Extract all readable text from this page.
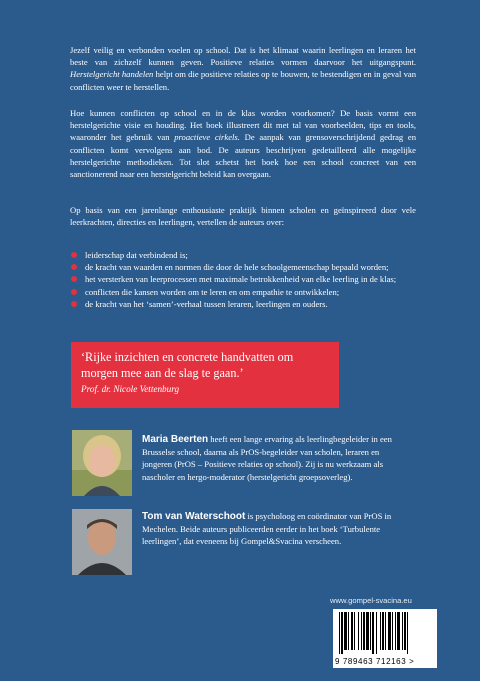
Jezelf veilig en verbonden voelen op school. Dat is het klimaat waarin leerlingen en leraren het beste van zichzelf kunnen geven. Positieve relaties vormen daarvoor het uitgangspunt. Herstelgericht handelen helpt om die positieve relaties op te bouwen, te bestendigen en in geval van conflicten weer te herstellen.

Hoe kunnen conflicten op school en in de klas worden voorkomen? De basis vormt een herstelgerichte visie en houding. Het boek illustreert dit met tal van voorbeelden, tips en tools, waaronder het gebruik van proactieve cirkels. De aanpak van grensoverschrijdend gedrag en conflicten komt vervolgens aan bod. De auteurs beschrijven gedetailleerd alle mogelijke herstelgerichte methodieken. Tot slot schetst het boek hoe een school concreet van een sanctionerend naar een herstelgericht beleid kan overgaan.

Op basis van een jarenlange enthousiaste praktijk binnen scholen en geïnspireerd door vele leerkrachten, directies en leerlingen, vertellen de auteurs over:

leiderschap dat verbindend is;
de kracht van waarden en normen die door de hele schoolgemeenschap bepaald worden;
het versterken van leerprocessen met maximale betrokkenheid van elke leerling in de klas;
conflicten die kansen worden om te leren en om empathie te ontwikkelen;
de kracht van het ‘samen’-verhaal tussen leraren, leerlingen en ouders.

‘Rijke inzichten en concrete handvatten om morgen mee aan de slag te gaan.’

Prof. dr. Nicole Vettenburg

Maria Beerten heeft een lange ervaring als leerlingbegeleider in een Brusselse school, daarna als PrOS-begeleider van scholen, leraren en jongeren (PrOS – Positieve relaties op school). Zij is nu werkzaam als nascholer en hergo-moderator (herstelgericht groepsoverleg).

Tom van Waterschoot is psycholoog en coördinator van PrOS in Mechelen. Beide auteurs publiceerden eerder in het boek ‘Turbulente leerlingen’, dat eveneens bij Gompel&Svacina verscheen.

www.gompel-svacina.eu

9 789463 712163 >
